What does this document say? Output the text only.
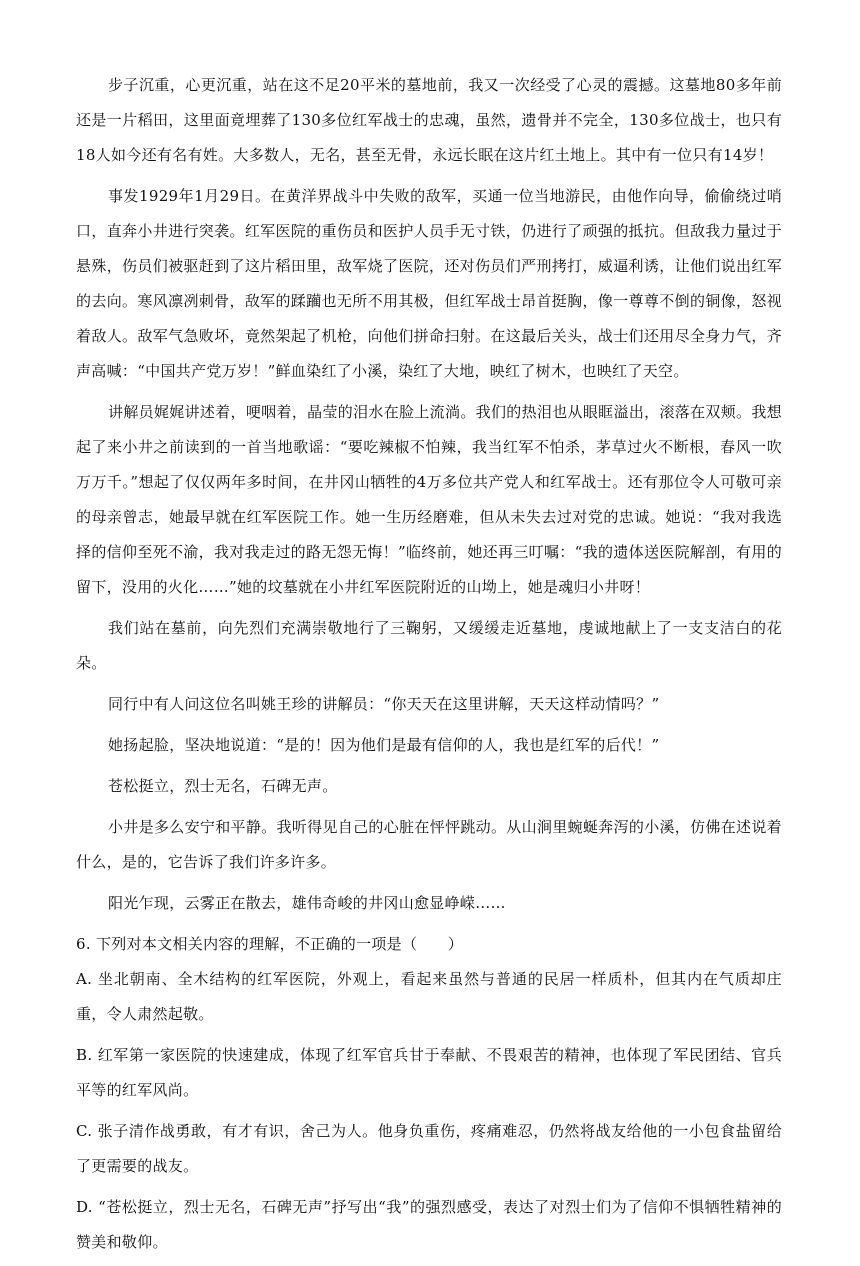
步子沉重，心更沉重，站在这不足20平米的墓地前，我又一次经受了心灵的震撼。这墓地80多年前还是一片稻田，这里面竟埋葬了130多位红军战士的忠魂，虽然，遗骨并不完全，130多位战士，也只有18人如今还有名有姓。大多数人，无名，甚至无骨，永远长眠在这片红土地上。其中有一位只有14岁！

事发1929年1月29日。在黄洋界战斗中失败的敌军，买通一位当地游民，由他作向导，偷偷绕过哨口，直奔小井进行突袭。红军医院的重伤员和医护人员手无寸铁，仍进行了顽强的抵抗。但敌我力量过于悬殊，伤员们被驱赶到了这片稻田里，敌军烧了医院，还对伤员们严刑拷打，威逼利诱，让他们说出红军的去向。寒风凛冽刺骨，敌军的蹂躏也无所不用其极，但红军战士昂首挺胸，像一尊尊不倒的铜像，怒视着敌人。敌军气急败坏，竟然架起了机枪，向他们拼命扫射。在这最后关头，战士们还用尽全身力气，齐声高喊：“中国共产党万岁！”鲜血染红了小溪，染红了大地，映红了树木，也映红了天空。

讲解员娓娓讲述着，哽咽着，晶莹的泪水在脸上流淌。我们的热泪也从眼眶溢出，滚落在双颊。我想起了来小井之前读到的一首当地歌谣：“要吃辣椒不怕辣，我当红军不怕杀，茅草过火不断根，春风一吹万万千。”想起了仅仅两年多时间，在井冈山牺牲的4万多位共产党人和红军战士。还有那位令人可敬可亲的母亲曾志，她最早就在红军医院工作。她一生历经磨难，但从未失去过对党的忠诚。她说：“我对我选择的信仰至死不渝，我对我走过的路无怨无悔！”临终前，她还再三叮嘱：“我的遗体送医院解剖，有用的留下，没用的火化……”她的坟墓就在小井红军医院附近的山坳上，她是魂归小井呀！

我们站在墓前，向先烈们充满崇敬地行了三鞠躬，又缓缓走近墓地，虔诚地献上了一支支洁白的花朵。

同行中有人问这位名叫姚王珍的讲解员：“你天天在这里讲解，天天这样动情吗？”

她扬起脸，坚决地说道：“是的！因为他们是最有信仰的人，我也是红军的后代！”

苍松挺立，烈士无名，石碑无声。

小井是多么安宁和平静。我听得见自己的心脏在怦怦跳动。从山涧里蜿蜒奔泻的小溪，仿佛在述说着什么，是的，它告诉了我们许多许多。

阳光乍现，云雾正在散去，雄伟奇峻的井冈山愈显峥嵘……

6. 下列对本文相关内容的理解，不正确的一项是（　　）

A. 坐北朝南、全木结构的红军医院，外观上，看起来虽然与普通的民居一样质朴，但其内在气质却庄重，令人肃然起敬。

B. 红军第一家医院的快速建成，体现了红军官兵甘于奉献、不畏艰苦的精神，也体现了军民团结、官兵平等的红军风尚。

C. 张子清作战勇敢，有才有识，舍己为人。他身负重伤，疼痛难忍，仍然将战友给他的一小包食盐留给了更需要的战友。

D. “苍松挺立，烈士无名，石碑无声”抒写出“我”的强烈感受，表达了对烈士们为了信仰不惧牺牲精神的赞美和敬仰。
